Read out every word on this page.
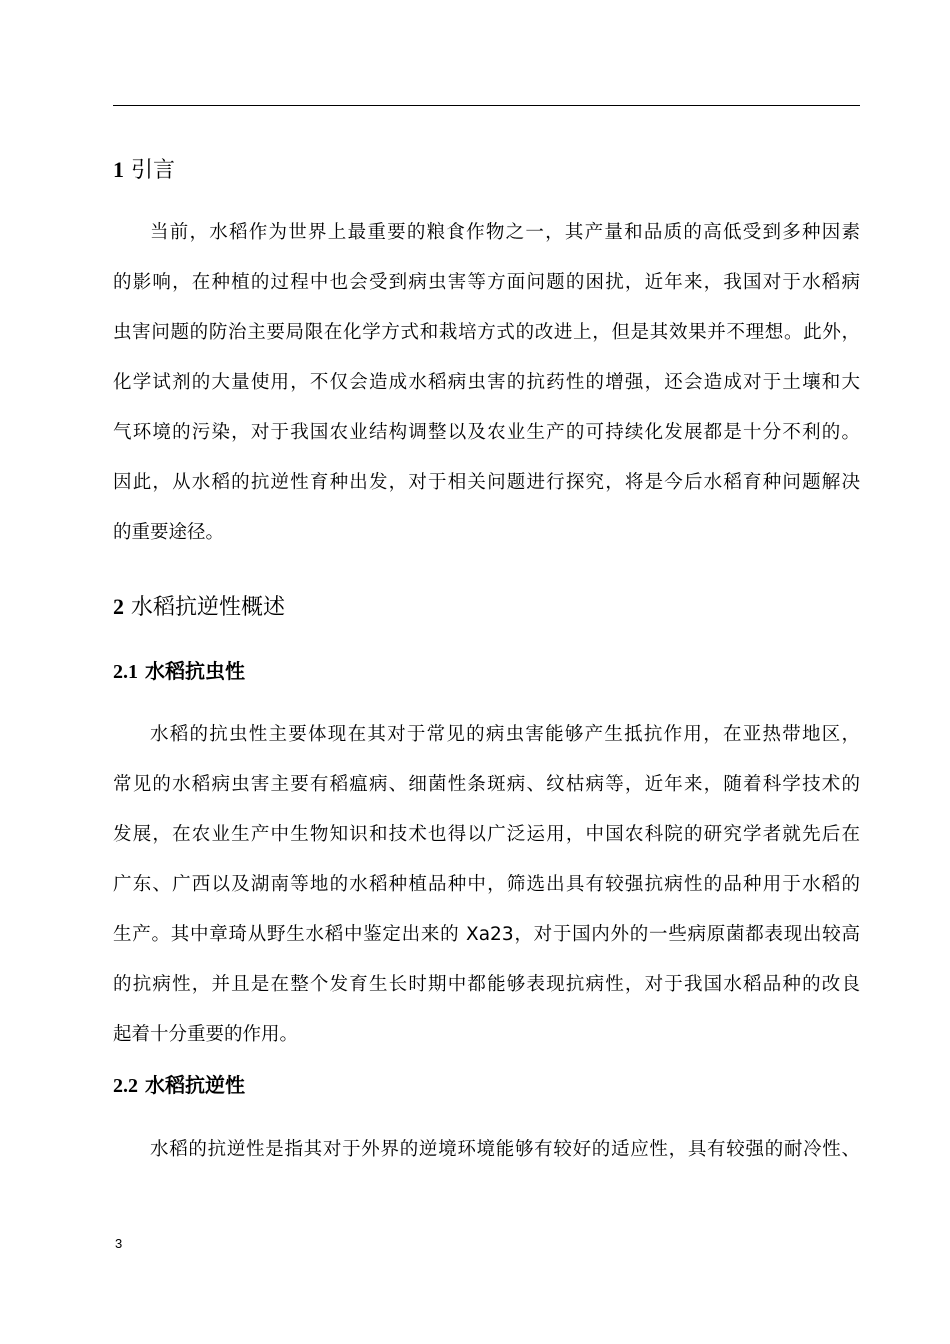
1 引言
当前，水稻作为世界上最重要的粮食作物之一，其产量和品质的高低受到多种因素
的影响，在种植的过程中也会受到病虫害等方面问题的困扰，近年来，我国对于水稻病
虫害问题的防治主要局限在化学方式和栽培方式的改进上，但是其效果并不理想。此外，
化学试剂的大量使用，不仅会造成水稻病虫害的抗药性的增强，还会造成对于土壤和大
气环境的污染，对于我国农业结构调整以及农业生产的可持续化发展都是十分不利的。
因此，从水稻的抗逆性育种出发，对于相关问题进行探究，将是今后水稻育种问题解决
的重要途径。
2 水稻抗逆性概述
2.1 水稻抗虫性
水稻的抗虫性主要体现在其对于常见的病虫害能够产生抵抗作用，在亚热带地区，
常见的水稻病虫害主要有稻瘟病、细菌性条斑病、纹枯病等，近年来，随着科学技术的
发展，在农业生产中生物知识和技术也得以广泛运用，中国农科院的研究学者就先后在
广东、广西以及湖南等地的水稻种植品种中，筛选出具有较强抗病性的品种用于水稻的
生产。其中章琦从野生水稻中鉴定出来的 Xa23，对于国内外的一些病原菌都表现出较高
的抗病性，并且是在整个发育生长时期中都能够表现抗病性，对于我国水稻品种的改良
起着十分重要的作用。
2.2 水稻抗逆性
水稻的抗逆性是指其对于外界的逆境环境能够有较好的适应性，具有较强的耐冷性、
3
